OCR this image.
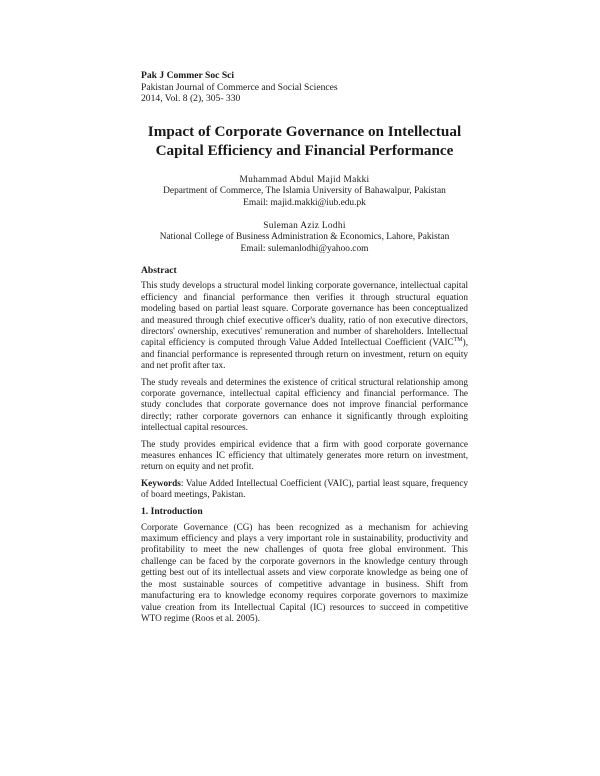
Pak J Commer Soc Sci
Pakistan Journal of Commerce and Social Sciences
2014, Vol. 8 (2), 305- 330
Impact of Corporate Governance on Intellectual
Capital Efficiency and Financial Performance
Muhammad Abdul Majid Makki
Department of Commerce, The Islamia University of Bahawalpur, Pakistan
Email: majid.makki@iub.edu.pk
Suleman Aziz Lodhi
National College of Business Administration & Economics, Lahore, Pakistan
Email: sulemanlodhi@yahoo.com
Abstract

This study develops a structural model linking corporate governance, intellectual capital efficiency and financial performance then verifies it through structural equation modeling based on partial least square. Corporate governance has been conceptualized and measured through chief executive officer's duality, ratio of non executive directors, directors' ownership, executives' remuneration and number of shareholders. Intellectual capital efficiency is computed through Value Added Intellectual Coefficient (VAIC™), and financial performance is represented through return on investment, return on equity and net profit after tax.

The study reveals and determines the existence of critical structural relationship among corporate governance, intellectual capital efficiency and financial performance. The study concludes that corporate governance does not improve financial performance directly; rather corporate governors can enhance it significantly through exploiting intellectual capital resources.

The study provides empirical evidence that a firm with good corporate governance measures enhances IC efficiency that ultimately generates more return on investment, return on equity and net profit.

Keywords: Value Added Intellectual Coefficient (VAIC), partial least square, frequency of board meetings, Pakistan.

1. Introduction

Corporate Governance (CG) has been recognized as a mechanism for achieving maximum efficiency and plays a very important role in sustainability, productivity and profitability to meet the new challenges of quota free global environment. This challenge can be faced by the corporate governors in the knowledge century through getting best out of its intellectual assets and view corporate knowledge as being one of the most sustainable sources of competitive advantage in business. Shift from manufacturing era to knowledge economy requires corporate governors to maximize value creation from its Intellectual Capital (IC) resources to succeed in competitive WTO regime (Roos et al. 2005).
